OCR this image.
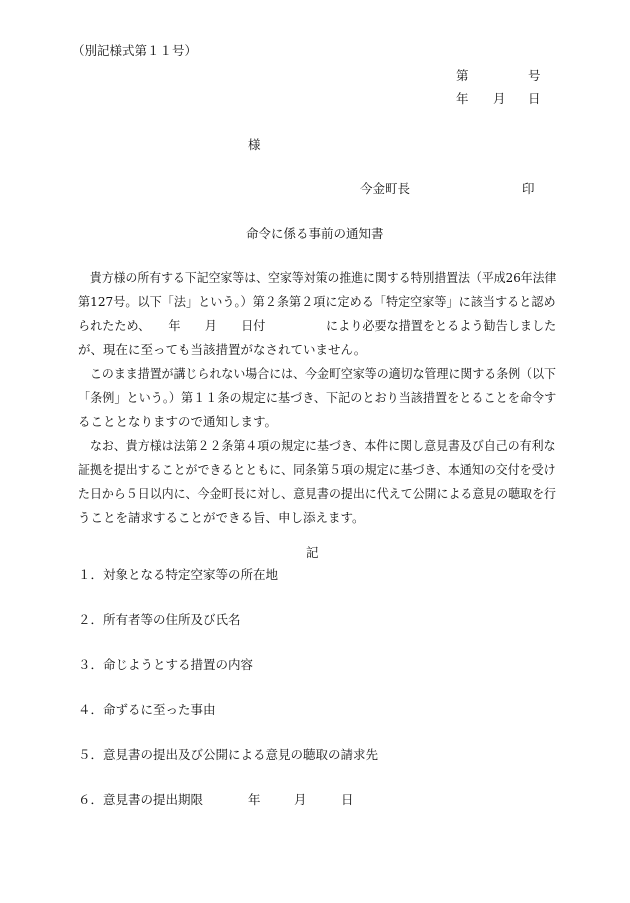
（別記様式第１１号）
第	号
年 月 日
様
今金町長	印
命令に係る事前の通知書
　貴方様の所有する下記空家等は、空家等対策の推進に関する特別措置法（平成26年法律
第127号。以下「法」という。）第２条第２項に定める「特定空家等」に該当すると認め
られたため、　　年　　月　　日付　　　　　により必要な措置をとるよう勧告しました
が、現在に至っても当該措置がなされていません。
　このまま措置が講じられない場合には、今金町空家等の適切な管理に関する条例（以下
「条例」という。）第１１条の規定に基づき、下記のとおり当該措置をとることを命令す
ることとなりますので通知します。
　なお、貴方様は法第２２条第４項の規定に基づき、本件に関し意見書及び自己の有利な
証拠を提出することができるとともに、同条第５項の規定に基づき、本通知の交付を受け
た日から５日以内に、今金町長に対し、意見書の提出に代えて公開による意見の聴取を行
うことを請求することができる旨、申し添えます。
記
１．対象となる特定空家等の所在地
２．所有者等の住所及び氏名
３．命じようとする措置の内容
４．命ずるに至った事由
５．意見書の提出及び公開による意見の聴取の請求先
６．意見書の提出期限	年	月	日
